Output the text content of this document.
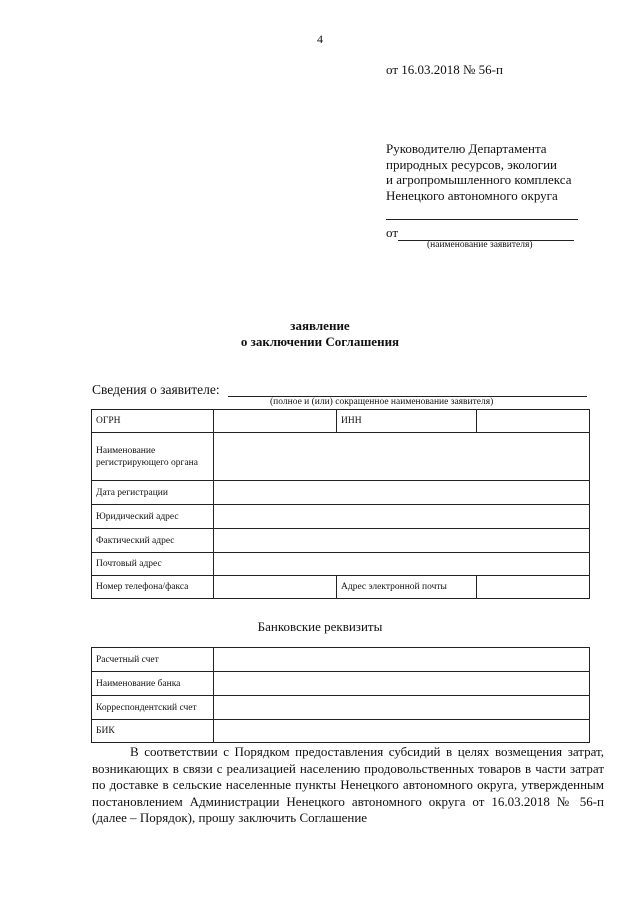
4
от 16.03.2018 № 56-п
Руководителю Департамента
природных ресурсов, экологии
и агропромышленного комплекса
Ненецкого автономного округа
от
(наименование заявителя)
заявление
о заключении Соглашения
Сведения о заявителе:
(полное и (или) сокращенное наименование заявителя)
ОГРН		ИНН	
Наименование регистрирующего органа			
Дата регистрации			
Юридический адрес			
Фактический адрес			
Почтовый адрес			
Номер телефона/факса		Адрес электронной почты	
Банковские реквизиты
Расчетный счет	
Наименование банка	
Корреспондентский счет	
БИК	

В соответствии с Порядком предоставления субсидий в целях возмещения затрат, возникающих в связи с реализацией населению продовольственных товаров в части затрат по доставке в сельские населенные пункты Ненецкого автономного округа, утвержденным постановлением Администрации Ненецкого автономного округа от 16.03.2018 № 56-п (далее – Порядок), прошу заключить Соглашение
